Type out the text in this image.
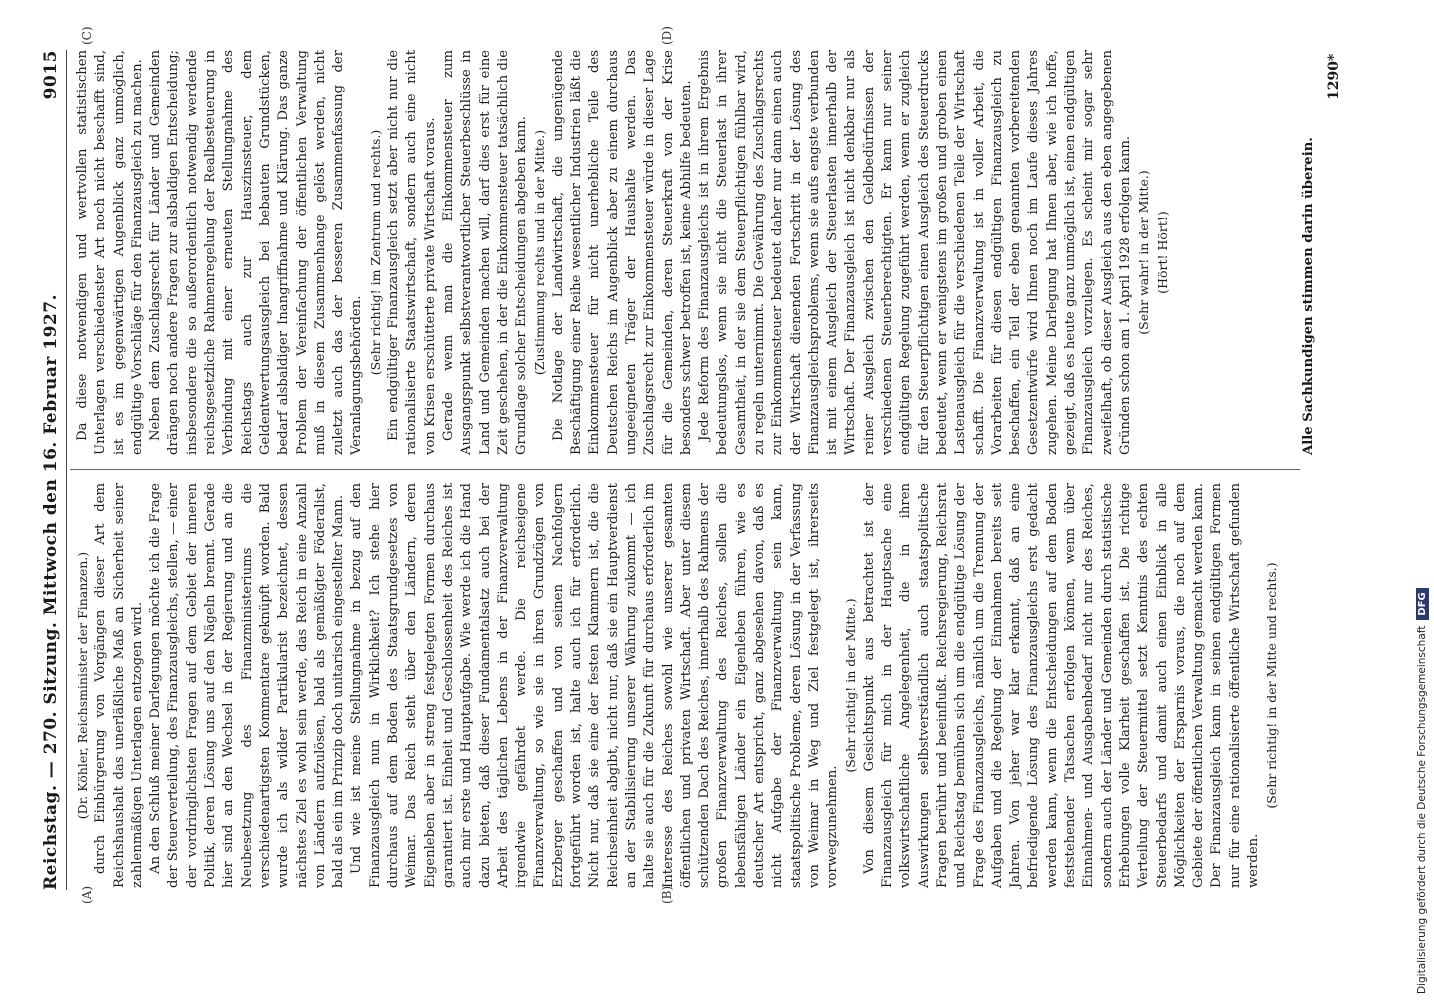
Reichstag. — 270. Sitzung. Mittwoch den 16. Februar 1927.
9015
(A)	(B)
(C)	(D)

(Dr. Köhler, Reichsminister der Finanzen.) durch Einbürgerung von Vorgängen dieser Art dem Reichshaushalt das unerläßliche Maß an Sicherheit seiner zahlenmäßigen Unterlagen entzogen wird. An den Schluß meiner Darlegungen möchte ich die Frage der Steuerverteilung, des Finanzausgleichs, stellen, — einer der vordringlichsten Fragen auf dem Gebiet der inneren Politik, deren Lösung uns auf den Nägeln brennt. Gerade hier sind an den Wechsel in der Regierung und an die Neubesetzung des Finanzministeriums die verschiedenartigsten Kommentare geknüpft worden. Bald wurde ich als wilder Partikularist bezeichnet, dessen nächstes Ziel es wohl sein werde, das Reich in eine Anzahl von Ländern aufzulösen, bald als gemäßigter Föderalist, bald als ein im Prinzip doch unitarisch eingestellter Mann. Und wie ist meine Stellungnahme in bezug auf den Finanzausgleich nun in Wirklichkeit? Ich stehe hier durchaus auf dem Boden des Staatsgrundgesetzes von Weimar. Das Reich steht über den Ländern, deren Eigenleben aber in streng festgelegten Formen durchaus garantiert ist. Einheit und Geschlossenheit des Reiches ist auch mir erste und Hauptaufgabe. Wie werde ich die Hand dazu bieten, daß dieser Fundamentalsatz auch bei der Arbeit des täglichen Lebens in der Finanzverwaltung irgendwie gefährdet werde. Die reichseigene Finanzverwaltung, so wie sie in ihren Grundzügen von Erzberger geschaffen und von seinen Nachfolgern fortgeführt worden ist, halte auch ich für erforderlich. Nicht nur, daß sie eine der festen Klammern ist, die die Reichseinheit abgibt, nicht nur, daß sie ein Hauptverdienst an der Stabilisierung unserer Währung zukommt — ich halte sie auch für die Zukunft für durchaus erforderlich im Interesse des Reiches sowohl wie unserer gesamten öffentlichen und privaten Wirtschaft. Aber unter diesem schützenden Dach des Reiches, innerhalb des Rahmens der großen Finanzverwaltung des Reiches, sollen die lebensfähigen Länder ein Eigenleben führen, wie es deutscher Art entspricht, ganz abgesehen davon, daß es nicht Aufgabe der Finanzverwaltung sein kann, staatspolitische Probleme, deren Lösung in der Verfassung von Weimar in Weg und Ziel festgelegt ist, ihrerseits vorwegzunehmen.

(Sehr richtig! in der Mitte.) Von diesem Gesichtspunkt aus betrachtet ist der Finanzausgleich für mich in der Hauptsache eine volkswirtschaftliche Angelegenheit, die in ihren Auswirkungen selbstverständlich auch staatspolitische Fragen berührt und beeinflußt. Reichsregierung, Reichsrat und Reichstag bemühen sich um die endgültige Lösung der Frage des Finanzausgleichs, nämlich um die Trennung der Aufgaben und die Regelung der Einnahmen bereits seit Jahren. Von jeher war klar erkannt, daß an eine befriedigende Lösung des Finanzausgleichs erst gedacht werden kann, wenn die Entscheidungen auf dem Boden feststehender Tatsachen erfolgen können, wenn über Einnahmen- und Ausgabenbedarf nicht nur des Reiches, sondern auch der Länder und Gemeinden durch statistische Erhebungen volle Klarheit geschaffen ist. Die richtige Verteilung der Steuermittel setzt Kenntnis des echten Steuerbedarfs und damit auch einen Einblick in alle Möglichkeiten der Ersparnis voraus, die noch auf dem Gebiete der öffentlichen Verwaltung gemacht werden kann. Der Finanzausgleich kann in seinen endgültigen Formen nur für eine rationalisierte öffentliche Wirtschaft gefunden werden.

(Sehr richtig! in der Mitte und rechts.)

Da diese notwendigen und wertvollen statistischen Unterlagen verschiedenster Art noch nicht beschafft sind, ist es im gegenwärtigen Augenblick ganz unmöglich, endgültige Vorschläge für den Finanzausgleich zu machen. Neben dem Zuschlagsrecht für Länder und Gemeinden drängen noch andere Fragen zur alsbaldigen Entscheidung; insbesondere die so außerordentlich notwendig werdende reichsgesetzliche Rahmenregelung der Realbesteuerung in Verbindung mit einer erneuten Stellungnahme des Reichstags auch zur Hauszinssteuer, dem Geldentwertungsausgleich bei bebauten Grundstücken, bedarf alsbaldiger Inangriffnahme und Klärung. Das ganze Problem der Vereinfachung der öffentlichen Verwaltung muß in diesem Zusammenhange gelöst werden, nicht zuletzt auch das der besseren Zusammenfassung der Veranlagungsbehörden.

(Sehr richtig! im Zentrum und rechts.) Ein endgültiger Finanzausgleich setzt aber nicht nur die rationalisierte Staatswirtschaft, sondern auch eine nicht von Krisen erschütterte private Wirtschaft voraus. Gerade wenn man die Einkommensteuer zum Ausgangspunkt selbstverantwortlicher Steuerbeschlüsse in Land und Gemeinden machen will, darf dies erst für eine Zeit geschehen, in der die Einkommensteuer tatsächlich die Grundlage solcher Entscheidungen abgeben kann. (Zustimmung rechts und in der Mitte.) Die Notlage der Landwirtschaft, die ungenügende Beschäftigung einer Reihe wesentlicher Industrien läßt die Einkommensteuer für nicht unerhebliche Teile des Deutschen Reichs im Augenblick aber zu einem durchaus ungeeigneten Träger der Haushalte werden. Das Zuschlagsrecht zur Einkommensteuer würde in dieser Lage für die Gemeinden, deren Steuerkraft von der Krise besonders schwer betroffen ist, keine Abhilfe bedeuten. Jede Reform des Finanzausgleichs ist in ihrem Ergebnis bedeutungslos, wenn sie nicht die Steuerlast in ihrer Gesamtheit, in der sie dem Steuerpflichtigen fühlbar wird, zu regeln unternimmt. Die Gewährung des Zuschlagsrechts zur Einkommensteuer bedeutet daher nur dann einen auch der Wirtschaft dienenden Fortschritt in der Lösung des Finanzausgleichsproblems, wenn sie aufs engste verbunden ist mit einem Ausgleich der Steuerlasten innerhalb der Wirtschaft. Der Finanzausgleich ist nicht denkbar nur als reiner Ausgleich zwischen den Geldbedürfnissen der verschiedenen Steuerberechtigten. Er kann nur seiner endgültigen Regelung zugeführt werden, wenn er zugleich für den Steuerpflichtigen einen Ausgleich des Steuerdrucks bedeutet, wenn er wenigstens im großen und groben einen Lastenausgleich für die verschiedenen Teile der Wirtschaft schafft. Die Finanzverwaltung ist in voller Arbeit, die Vorarbeiten für diesen endgültigen Finanzausgleich zu beschaffen, ein Teil der eben genannten vorbereitenden Gesetzentwürfe wird Ihnen noch im Laufe dieses Jahres zugehen. Meine Darlegung hat Ihnen aber, wie ich hoffe, gezeigt, daß es heute ganz unmöglich ist, einen endgültigen Finanzausgleich vorzulegen. Es scheint mir sogar sehr zweifelhaft, ob dieser Ausgleich aus den eben angegebenen Gründen schon am 1. April 1928 erfolgen kann. (Sehr wahr! in der Mitte.) (Hört! Hört!)	Alle Sachkundigen stimmen darin überein.
1290*
Digitalisierung gefördert durch die Deutsche Forschungsgemeinschaft
DFG
